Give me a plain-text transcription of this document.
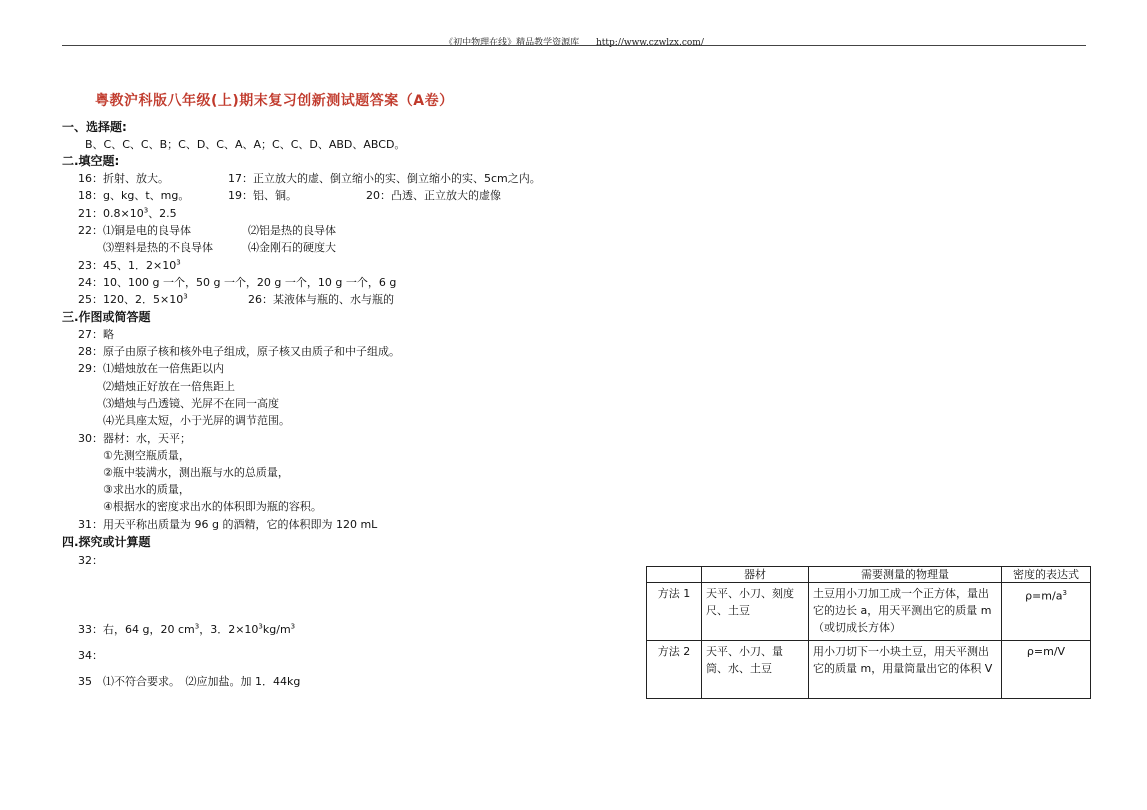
《初中物理在线》精品教学资源库 http://www.czwlzx.com/
粤教沪科版八年级(上)期末复习创新测试题答案（A卷）
一、选择题:
B、C、C、C、B；C、D、C、A、A；C、C、D、ABD、ABCD。
二.填空题:
16：折射、放大。	17：正立放大的虚、倒立缩小的实、倒立缩小的实、5cm之内。
18：g、kg、t、mg。	19：铝、铜。	20：凸透、正立放大的虚像
21：$0.8\times 10^3$、2.5
22： ⑴铜是电的良导体	⑵铝是热的良导体
⑶塑料是热的不良导体	⑷金刚石的硬度大
23：45、1．$2\times 10^3$
24：10、100 g 一个，50 g 一个，20 g 一个，10 g 一个，6 g
25：120、2．$5\times 10^3$	26：某液体与瓶的、水与瓶的
三.作图或简答题
27：略
28：原子由原子核和核外电子组成，原子核又由质子和中子组成。
29： ⑴蜡烛放在一倍焦距以内
⑵蜡烛正好放在一倍焦距上
⑶蜡烛与凸透镜、光屏不在同一高度
⑷光具座太短，小于光屏的调节范围。
30：器材：水，天平；
①先测空瓶质量，
②瓶中装满水，测出瓶与水的总质量，
③求出水的质量，
④根据水的密度求出水的体积即为瓶的容积。
31：用天平称出质量为 96 g 的酒精，它的体积即为 120 mL
四.探究或计算题
32：
33：右，64 g，20 $cm^3$，3．$2\times 10^3kg/m^3$
34：
35　⑴不符合要求。　⑵应加盐。加 1．44kg
	器材	需要测量的物理量	密度的表达式
方法 1	天平、小刀、刻度尺、土豆	土豆用小刀加工成一个正方体，量出它的边长 a，用天平测出它的质量 m（或切成长方体）	$\rho=m/a^3$
方法 2	天平、小刀、量筒、水、土豆	用小刀切下一小块土豆，用天平测出它的质量 m，用量筒量出它的体积 V	ρ=m/V
